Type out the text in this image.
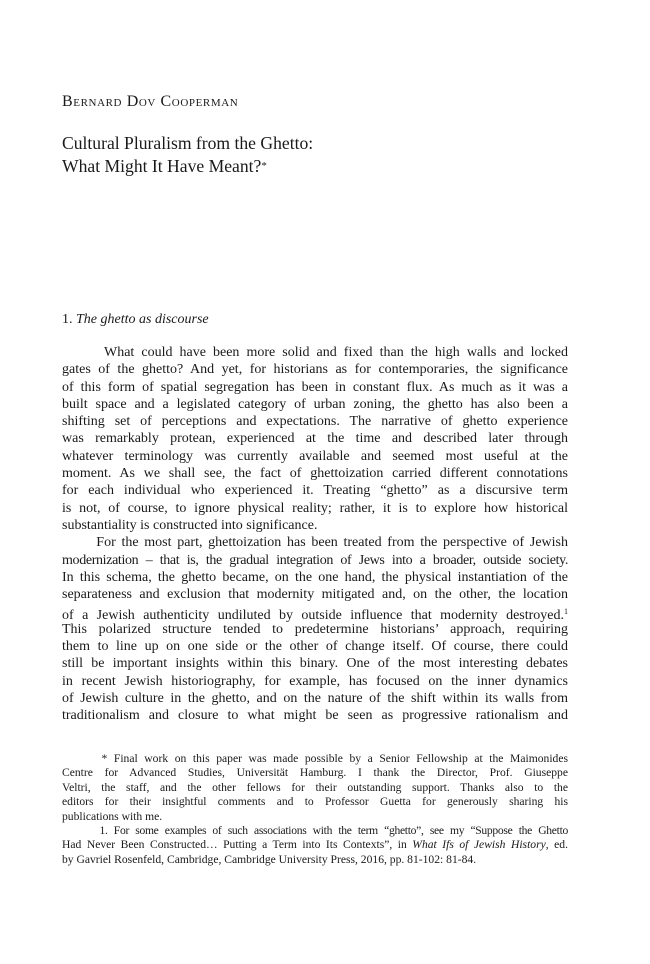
Bernard Dov Cooperman
Cultural Pluralism from the Ghetto:
What Might It Have Meant?*
1. The ghetto as discourse

What could have been more solid and fixed than the high walls and locked
gates of the ghetto? And yet, for historians as for contemporaries, the significance
of this form of spatial segregation has been in constant flux. As much as it was a
built space and a legislated category of urban zoning, the ghetto has also been a
shifting set of perceptions and expectations. The narrative of ghetto experience
was remarkably protean, experienced at the time and described later through
whatever terminology was currently available and seemed most useful at the
moment. As we shall see, the fact of ghettoization carried different connotations
for each individual who experienced it. Treating “ghetto” as a discursive term
is not, of course, to ignore physical reality; rather, it is to explore how historical
substantiality is constructed into significance.

For the most part, ghettoization has been treated from the perspective of Jewish
modernization – that is, the gradual integration of Jews into a broader, outside society.
In this schema, the ghetto became, on the one hand, the physical instantiation of the
separateness and exclusion that modernity mitigated and, on the other, the location
of a Jewish authenticity undiluted by outside influence that modernity destroyed.$^1$
This polarized structure tended to predetermine historians’ approach, requiring
them to line up on one side or the other of change itself. Of course, there could
still be important insights within this binary. One of the most interesting debates
in recent Jewish historiography, for example, has focused on the inner dynamics
of Jewish culture in the ghetto, and on the nature of the shift within its walls from
traditionalism and closure to what might be seen as progressive rationalism and

* Final work on this paper was made possible by a Senior Fellowship at the Maimonides
Centre for Advanced Studies, Universität Hamburg. I thank the Director, Prof. Giuseppe
Veltri, the staff, and the other fellows for their outstanding support. Thanks also to the
editors for their insightful comments and to Professor Guetta for generously sharing his
publications with me.

1. For some examples of such associations with the term “ghetto”, see my “Suppose the Ghetto
Had Never Been Constructed… Putting a Term into Its Contexts”, in What Ifs of Jewish History, ed.
by Gavriel Rosenfeld, Cambridge, Cambridge University Press, 2016, pp. 81-102: 81-84.
